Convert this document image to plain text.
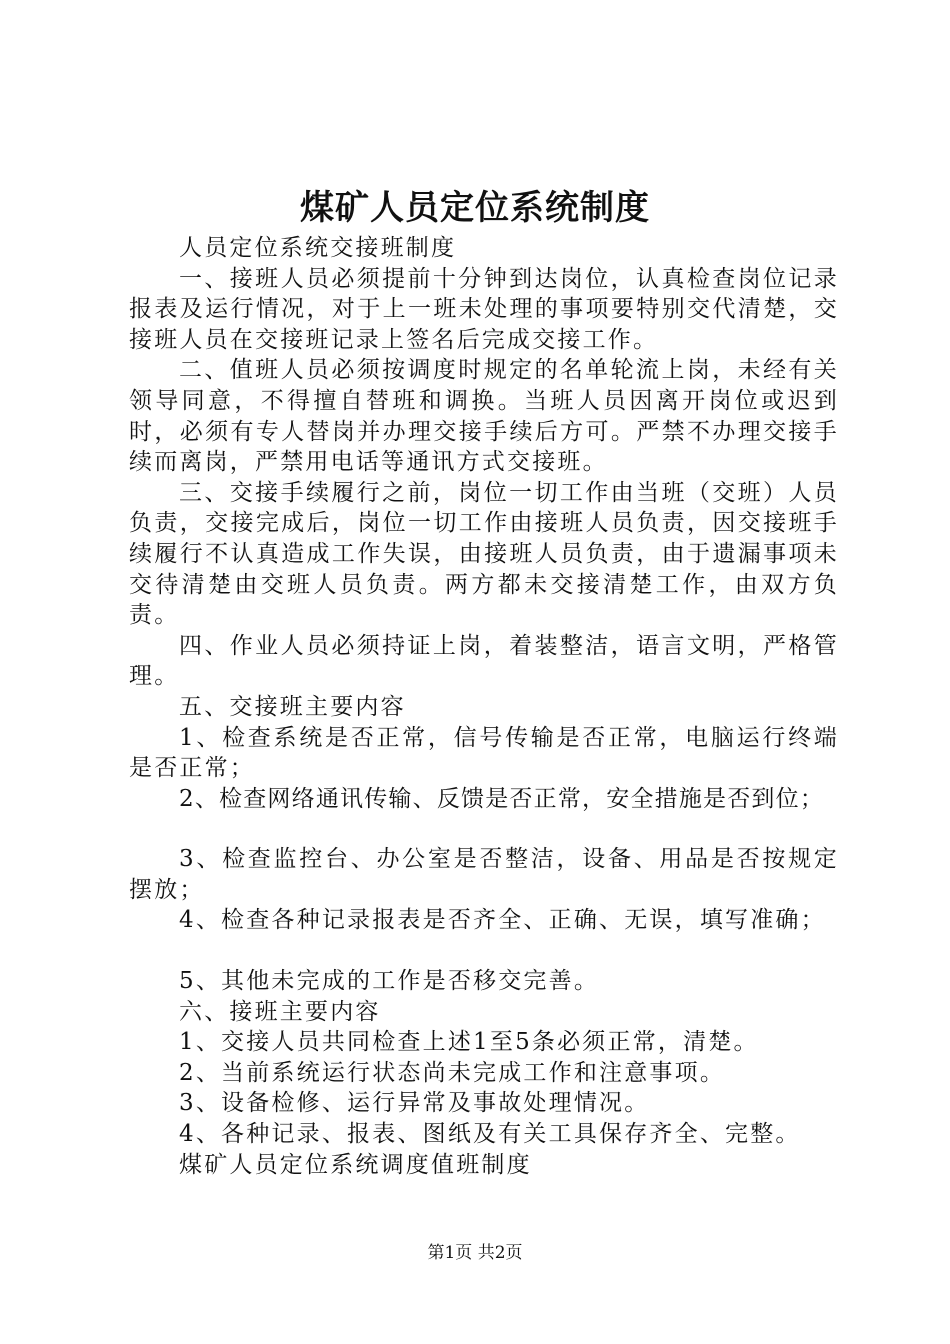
煤矿人员定位系统制度

人员定位系统交接班制度

一、接班人员必须提前十分钟到达岗位，认真检查岗位记录报表及运行情况，对于上一班未处理的事项要特别交代清楚，交接班人员在交接班记录上签名后完成交接工作。

二、值班人员必须按调度时规定的名单轮流上岗，未经有关领导同意，不得擅自替班和调换。当班人员因离开岗位或迟到时，必须有专人替岗并办理交接手续后方可。严禁不办理交接手续而离岗，严禁用电话等通讯方式交接班。

三、交接手续履行之前，岗位一切工作由当班（交班）人员负责，交接完成后，岗位一切工作由接班人员负责，因交接班手续履行不认真造成工作失误，由接班人员负责，由于遗漏事项未交待清楚由交班人员负责。两方都未交接清楚工作，由双方负责。

四、作业人员必须持证上岗，着装整洁，语言文明，严格管理。

五、交接班主要内容

1、检查系统是否正常，信号传输是否正常，电脑运行终端是否正常；

2、检查网络通讯传输、反馈是否正常，安全措施是否到位；

3、检查监控台、办公室是否整洁，设备、用品是否按规定摆放；

4、检查各种记录报表是否齐全、正确、无误，填写准确；

5、其他未完成的工作是否移交完善。

六、接班主要内容

1、交接人员共同检查上述1至5条必须正常，清楚。

2、当前系统运行状态尚未完成工作和注意事项。

3、设备检修、运行异常及事故处理情况。

4、各种记录、报表、图纸及有关工具保存齐全、完整。

煤矿人员定位系统调度值班制度

第1页 共2页
